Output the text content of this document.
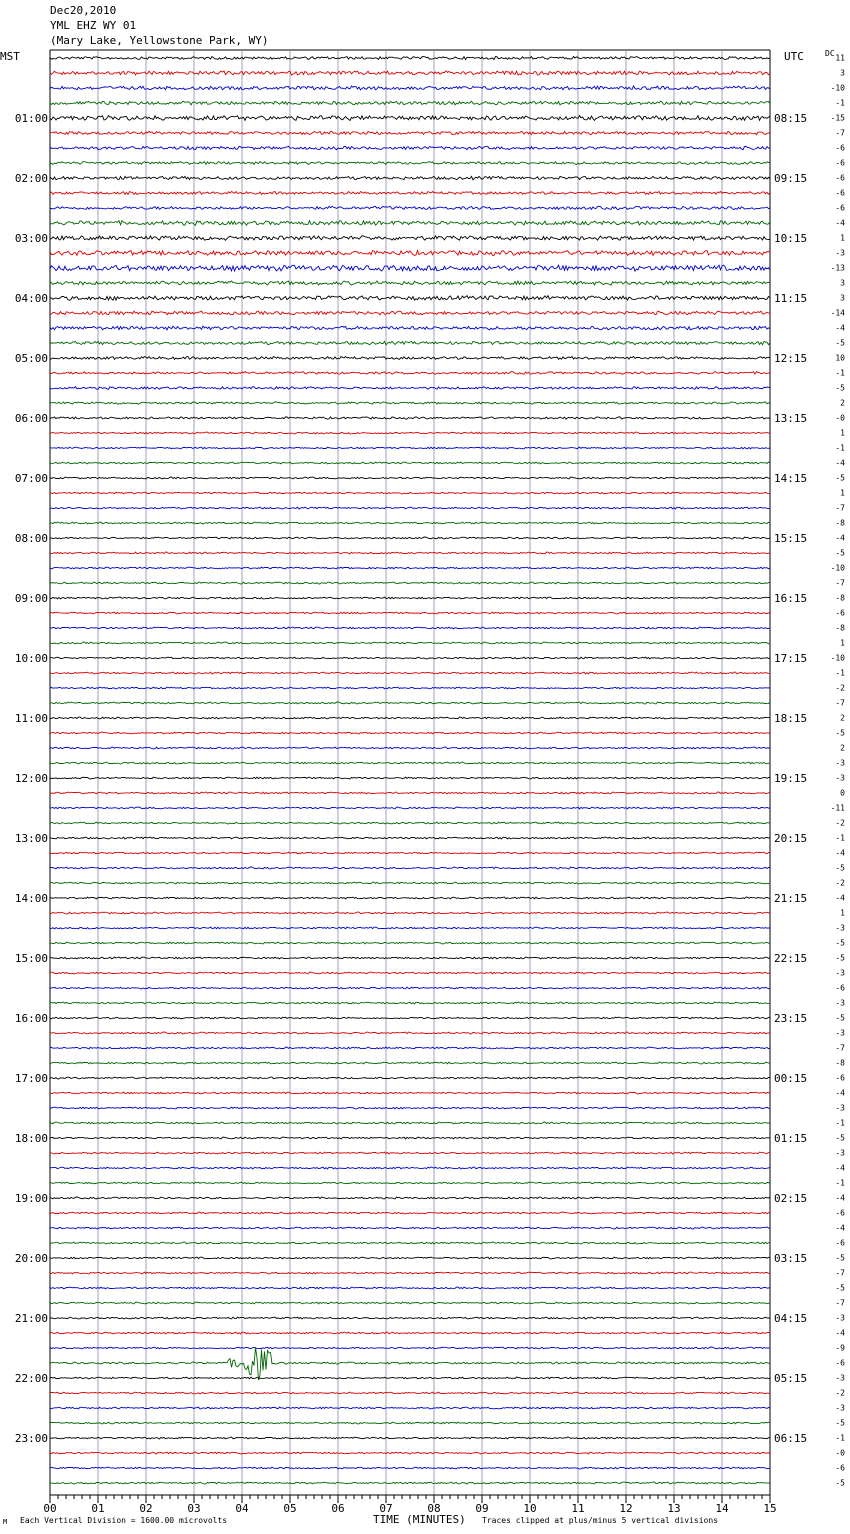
Dec20,2010
YML EHZ WY 01
(Mary Lake, Yellowstone Park, WY)
MST	UTC	DC 11
3
-10
-1
-15
-7
-6
-6
-6
-6
-6
-4
1
-3
-13
3
3
-14
-4
-5
10
-1
-5
2
-0
1
-1
-4
-5
1
-7
-8
-4
-5
-10
-7
-8
-6
-8
1
-10
-1
-2
-7
2
-5
2
-3
-3
0
-11
-2
-1
-4
-5
-2
-4
1
-3
-5
-5
-3
-6
-3
-5
-3
-7
-8
-6
-4
-3
-1
-5
-3
-4
-1
-4
-6
-4
-6
-5
-7
-5
-7
-3
-4
-9
-6
-3
-2
-3
-5
-1
-0
-6
-5
01:00
02:00
03:00
04:00
05:00
06:00
07:00
08:00
09:00
10:00
11:00
12:00
13:00
14:00
15:00
16:00
17:00
18:00
19:00
20:00
21:00
22:00
23:00
08:15
09:15
10:15
11:15
12:15
13:15
14:15
15:15
16:15
17:15
18:15
19:15
20:15
21:15
22:15
23:15
00:15
01:15
02:15
03:15
04:15
05:15
06:15
00	01	02	03	04	05	06	07	08	09	10	11	12	13	14	15
M Each Vertical Division = 1600.00 microvolts	TIME (MINUTES) Traces clipped at plus/minus 5 vertical divisions
